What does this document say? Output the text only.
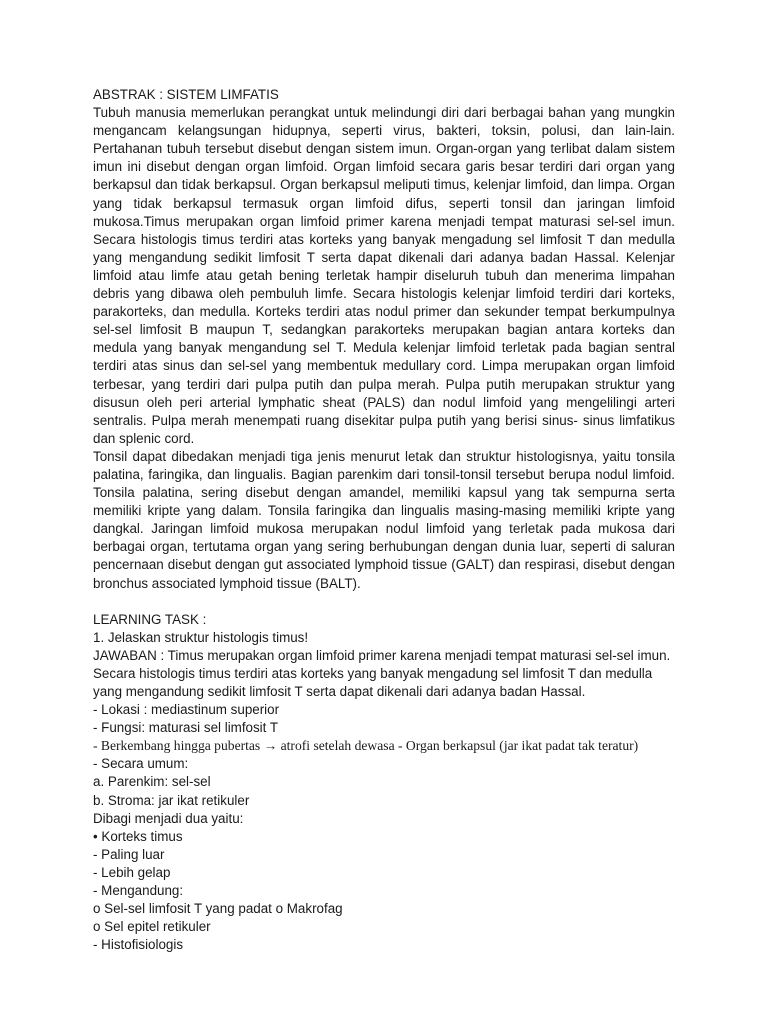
ABSTRAK : SISTEM LIMFATIS

Tubuh manusia memerlukan perangkat untuk melindungi diri dari berbagai bahan yang mungkin mengancam kelangsungan hidupnya, seperti virus, bakteri, toksin, polusi, dan lain-lain. Pertahanan tubuh tersebut disebut dengan sistem imun. Organ-organ yang terlibat dalam sistem imun ini disebut dengan organ limfoid. Organ limfoid secara garis besar terdiri dari organ yang berkapsul dan tidak berkapsul. Organ berkapsul meliputi timus, kelenjar limfoid, dan limpa. Organ yang tidak berkapsul termasuk organ limfoid difus, seperti tonsil dan jaringan limfoid mukosa.Timus merupakan organ limfoid primer karena menjadi tempat maturasi sel-sel imun. Secara histologis timus terdiri atas korteks yang banyak mengadung sel limfosit T dan medulla yang mengandung sedikit limfosit T serta dapat dikenali dari adanya badan Hassal. Kelenjar limfoid atau limfe atau getah bening terletak hampir diseluruh tubuh dan menerima limpahan debris yang dibawa oleh pembuluh limfe. Secara histologis kelenjar limfoid terdiri dari korteks, parakorteks, dan medulla. Korteks terdiri atas nodul primer dan sekunder tempat berkumpulnya sel-sel limfosit B maupun T, sedangkan parakorteks merupakan bagian antara korteks dan medula yang banyak mengandung sel T. Medula kelenjar limfoid terletak pada bagian sentral terdiri atas sinus dan sel-sel yang membentuk medullary cord. Limpa merupakan organ limfoid terbesar, yang terdiri dari pulpa putih dan pulpa merah. Pulpa putih merupakan struktur yang disusun oleh peri arterial lymphatic sheat (PALS) dan nodul limfoid yang mengelilingi arteri sentralis. Pulpa merah menempati ruang disekitar pulpa putih yang berisi sinus- sinus limfatikus dan splenic cord.

Tonsil dapat dibedakan menjadi tiga jenis menurut letak dan struktur histologisnya, yaitu tonsila palatina, faringika, dan lingualis. Bagian parenkim dari tonsil-tonsil tersebut berupa nodul limfoid. Tonsila palatina, sering disebut dengan amandel, memiliki kapsul yang tak sempurna serta memiliki kripte yang dalam. Tonsila faringika dan lingualis masing-masing memiliki kripte yang dangkal. Jaringan limfoid mukosa merupakan nodul limfoid yang terletak pada mukosa dari berbagai organ, tertutama organ yang sering berhubungan dengan dunia luar, seperti di saluran pencernaan disebut dengan gut associated lymphoid tissue (GALT) dan respirasi, disebut dengan bronchus associated lymphoid tissue (BALT).

LEARNING TASK :

1. Jelaskan struktur histologis timus!

JAWABAN : Timus merupakan organ limfoid primer karena menjadi tempat maturasi sel-sel imun. Secara histologis timus terdiri atas korteks yang banyak mengadung sel limfosit T dan medulla yang mengandung sedikit limfosit T serta dapat dikenali dari adanya badan Hassal.

- Lokasi : mediastinum superior

- Fungsi: maturasi sel limfosit T

- Berkembang hingga pubertas → atrofi setelah dewasa - Organ berkapsul (jar ikat padat tak teratur)

- Secara umum:

a. Parenkim: sel-sel

b. Stroma: jar ikat retikuler

Dibagi menjadi dua yaitu:

• Korteks timus

- Paling luar

- Lebih gelap

- Mengandung:

o Sel-sel limfosit T yang padat o Makrofag

o Sel epitel retikuler

- Histofisiologis
